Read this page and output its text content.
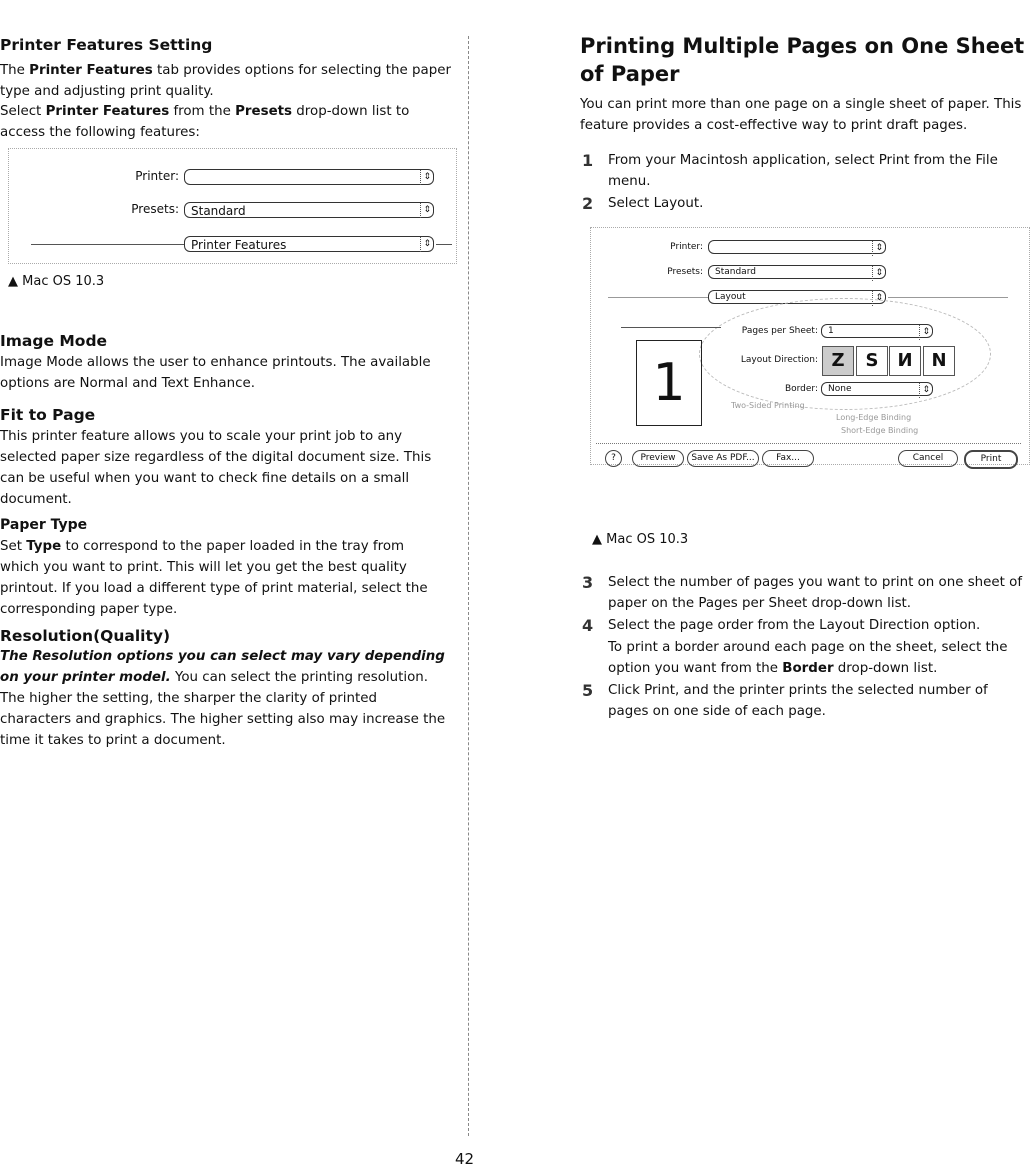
Printer Features Setting
The Printer Features tab provides options for selecting the paper type and adjusting print quality.
Select Printer Features from the Presets drop-down list to access the following features:
Printer:	⇕
Presets:	Standard	⇕
Printer Features	⇕
▲ Mac OS 10.3
Image Mode
Image Mode allows the user to enhance printouts. The available options are Normal and Text Enhance.
Fit to Page
This printer feature allows you to scale your print job to any selected paper size regardless of the digital document size. This can be useful when you want to check fine details on a small document.
Paper Type
Set Type to correspond to the paper loaded in the tray from which you want to print. This will let you get the best quality printout. If you load a different type of print material, select the corresponding paper type.
Resolution(Quality)
The Resolution options you can select may vary depending on your printer model. You can select the printing resolution. The higher the setting, the sharper the clarity of printed characters and graphics. The higher setting also may increase the time it takes to print a document.
Printing Multiple Pages on One Sheet of Paper
You can print more than one page on a single sheet of paper. This feature provides a cost-effective way to print draft pages.
1 From your Macintosh application, select Print from the File menu.
2 Select Layout.
Printer:	⇕
Presets:	Standard	⇕
Layout	⇕
Pages per Sheet:	1	⇕
1	Layout Direction: Z	S	И	N
Border:	None	⇕
Two-Sided Printing
Long-Edge Binding
Short-Edge Binding
?	Preview	Save As PDF...	Fax...	Cancel	Print
▲ Mac OS 10.3
3 Select the number of pages you want to print on one sheet of paper on the Pages per Sheet drop-down list.
4 Select the page order from the Layout Direction option.
To print a border around each page on the sheet, select the option you want from the Border drop-down list.
5 Click Print, and the printer prints the selected number of pages on one side of each page.
42
